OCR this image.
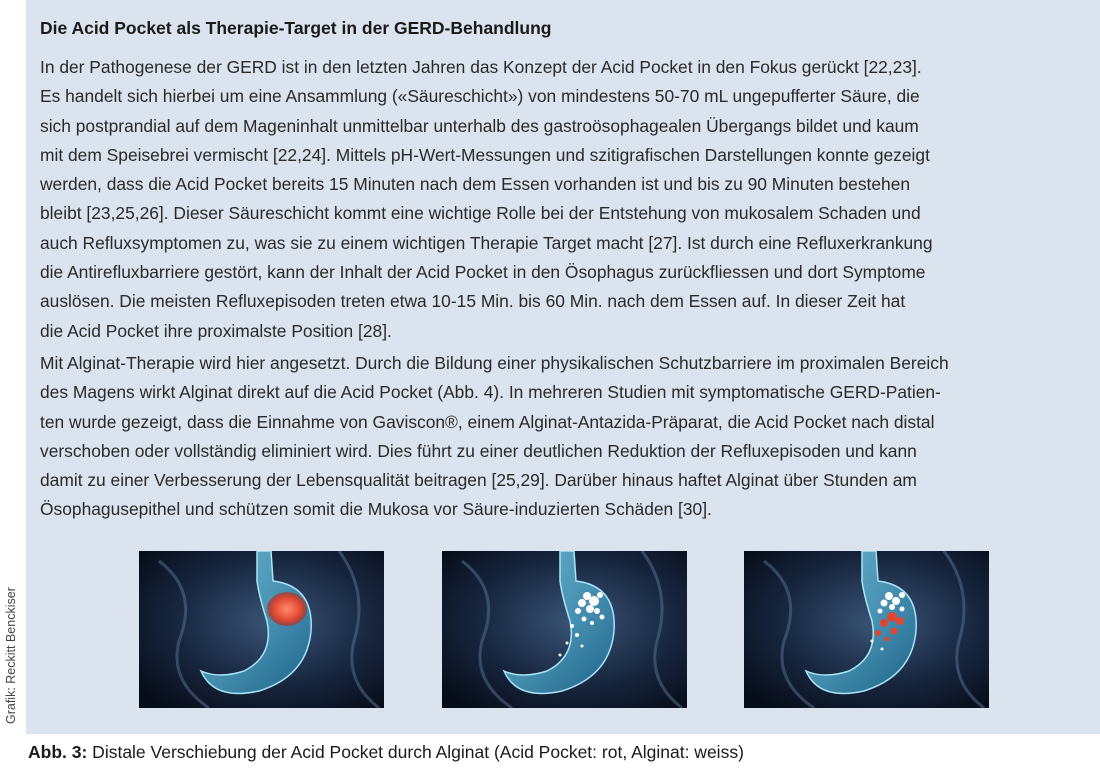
Die Acid Pocket als Therapie-Target in der GERD-Behandlung

In der Pathogenese der GERD ist in den letzten Jahren das Konzept der Acid Pocket in den Fokus gerückt [22,23].
Es handelt sich hierbei um eine Ansammlung («Säureschicht») von mindestens 50-70 mL ungepufferter Säure, die
sich postprandial auf dem Mageninhalt unmittelbar unterhalb des gastroösophagealen Übergangs bildet und kaum
mit dem Speisebrei vermischt [22,24]. Mittels pH-Wert-Messungen und szitigrafischen Darstellungen konnte gezeigt
werden, dass die Acid Pocket bereits 15 Minuten nach dem Essen vorhanden ist und bis zu 90 Minuten bestehen
bleibt [23,25,26]. Dieser Säureschicht kommt eine wichtige Rolle bei der Entstehung von mukosalem Schaden und
auch Refluxsymptomen zu, was sie zu einem wichtigen Therapie Target macht [27]. Ist durch eine Refluxerkrankung
die Antirefluxbarriere gestört, kann der Inhalt der Acid Pocket in den Ösophagus zurückfliessen und dort Symptome
auslösen. Die meisten Refluxepisoden treten etwa 10-15 Min. bis 60 Min. nach dem Essen auf. In dieser Zeit hat
die Acid Pocket ihre proximalste Position [28].

Mit Alginat-Therapie wird hier angesetzt. Durch die Bildung einer physikalischen Schutzbarriere im proximalen Bereich
des Magens wirkt Alginat direkt auf die Acid Pocket (Abb. 4). In mehreren Studien mit symptomatische GERD-Patien-
ten wurde gezeigt, dass die Einnahme von Gaviscon®, einem Alginat-Antazida-Präparat, die Acid Pocket nach distal
verschoben oder vollständig eliminiert wird. Dies führt zu einer deutlichen Reduktion der Refluxepisoden und kann
damit zu einer Verbesserung der Lebensqualität beitragen [25,29]. Darüber hinaus haftet Alginat über Stunden am
Ösophagusepithel und schützen somit die Mukosa vor Säure-induzierten Schäden [30].

Grafik: Reckitt Benckiser
Abb. 3: Distale Verschiebung der Acid Pocket durch Alginat (Acid Pocket: rot, Alginat: weiss)
